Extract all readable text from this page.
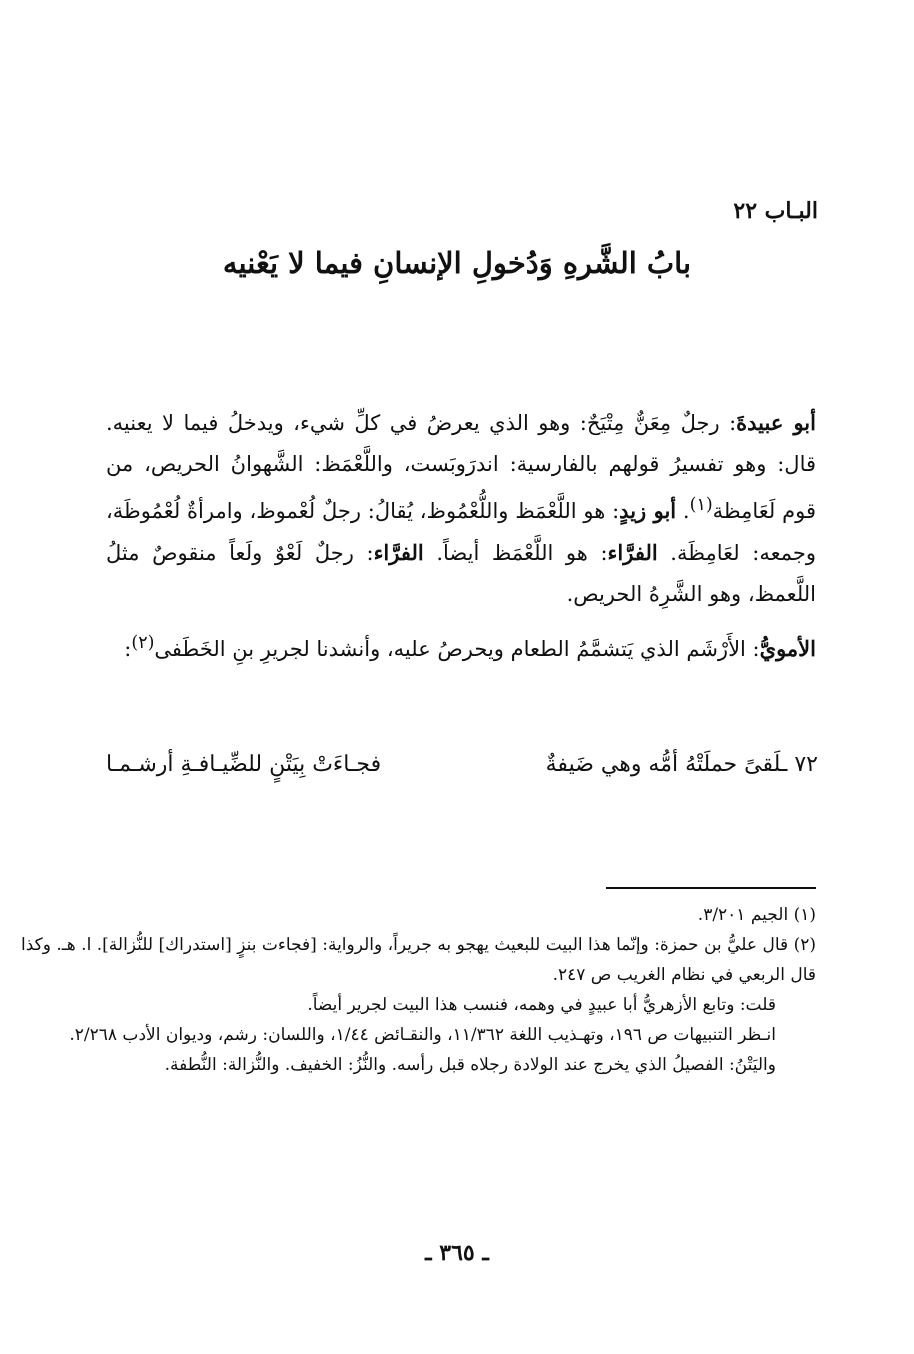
البـاب ٢٢
بابُ الشَّرهِ وَدُخولِ الإنسانِ فيما لا يَعْنيه

أبو عبيدةَ: رجلٌ مِعَنٌّ مِتْيَحٌ: وهو الذي يعرضُ في كلِّ شيء، ويدخلُ فيما لا يعنيه. قال: وهو تفسيرُ قولهم بالفارسية: اندرَوبَست، واللَّعْمَظ: الشَّهوانُ الحريص، من قوم لَعَامِظة$^{(١)}$. أبو زيدٍ: هو اللَّعْمَظ واللُّعْمُوظ، يُقالُ: رجلٌ لُعْموظ، وامرأةٌ لُعْمُوظَة، وجمعه: لعَامِظَة. الفرَّاء: هو اللَّعْمَظ أيضاً. الفرَّاء: رجلٌ لَعْوٌ ولَعاً منقوصٌ مثلُ اللَّعمظ، وهو الشَّرِهُ الحريص.

الأمويُّ: الأَرْشَم الذي يَتشمَّمُ الطعام ويحرصُ عليه، وأنشدنا لجريرِ بنِ الخَطَفى$^{(٢)}$:

٧٢ ـلَقىً حملَتْهُ أمُّه وهي ضَيفةٌ
فجـاءَتْ بِيَتْنٍ للضِّيـافـةِ أرشـمـا

(١) الجيم ٣/٢٠١.

(٢) قال عليُّ بن حمزة: وإنّما هذا البيت للبعيث يهجو به جريراً، والرواية: [فجاءت بنزٍ [استدراك] للنُّزالة]. ا. هـ. وكذا قال الربعي في نظام الغريب ص ٢٤٧.

قلت: وتابع الأزهريُّ أبا عبيدٍ في وهمه، فنسب هذا البيت لجرير أيضاً.

انـظر التنبيهات ص ١٩٦، وتهـذيب اللغة ١١/٣٦٢، والنقـائض ١/٤٤، واللسان: رشم، وديوان الأدب ٢/٢٦٨.

واليَتْنُ: الفصيلُ الذي يخرج عند الولادة رجلاه قبل رأسه. والنُّزُ: الخفيف. والنُّزالة: النُّطفة.

ـ ٣٦٥ ـ
